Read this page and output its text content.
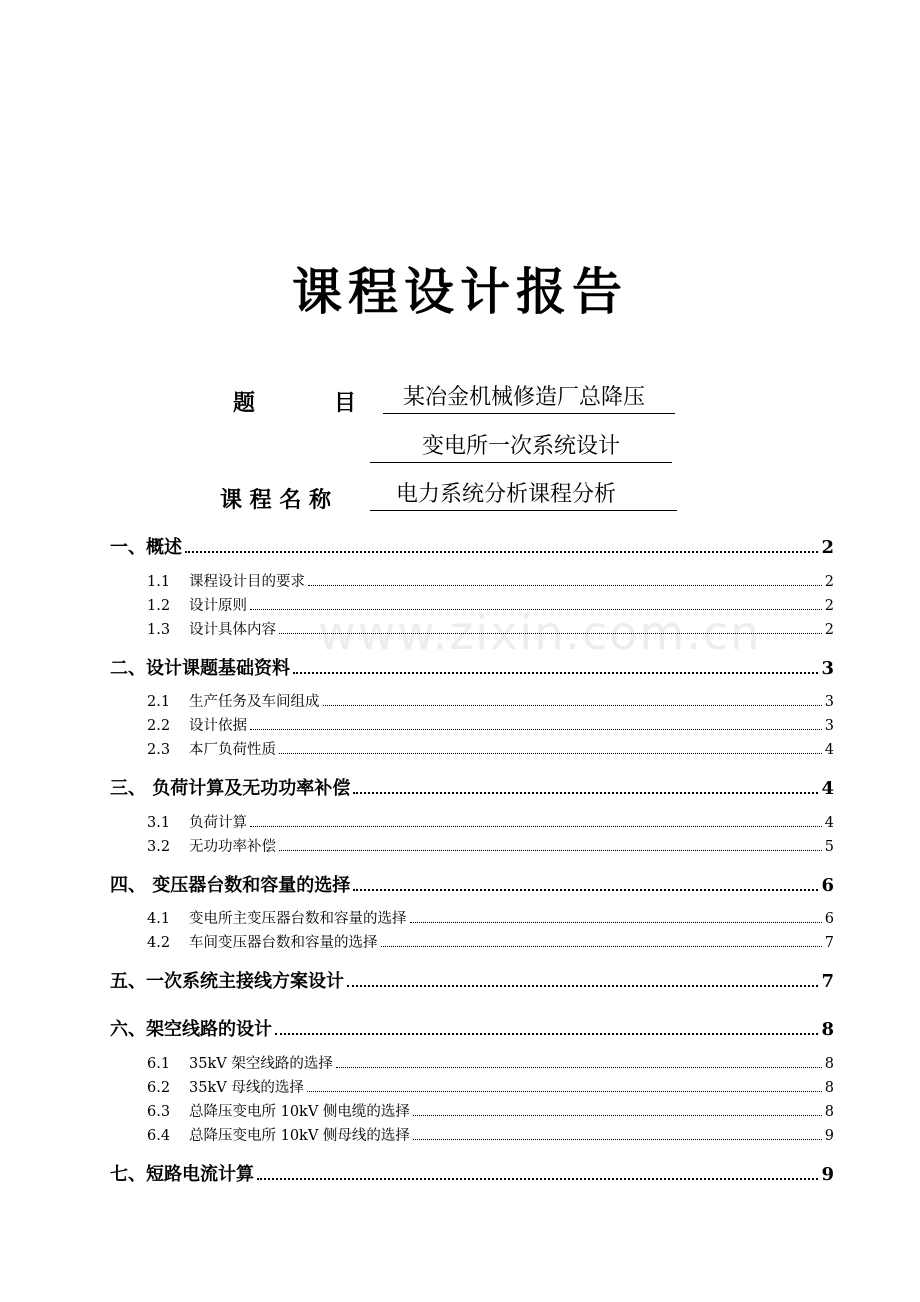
课程设计报告
题	目	某冶金机械修造厂总降压
变电所一次系统设计
课 程 名 称	电力系统分析课程分析
www.zixin.com.cn
一、概述	2
1.1	课程设计目的要求	2
1.2	设计原则	2
1.3	设计具体内容	2
二、设计课题基础资料	3
2.1	生产任务及车间组成	3
2.2	设计依据	3
2.3	本厂负荷性质	4
三、 负荷计算及无功功率补偿	4
3.1	负荷计算	4
3.2	无功功率补偿	5
四、 变压器台数和容量的选择	6
4.1	变电所主变压器台数和容量的选择	6
4.2	车间变压器台数和容量的选择	7
五、一次系统主接线方案设计	7
六、架空线路的设计	8
6.1	35kV 架空线路的选择	8
6.2	35kV 母线的选择	8
6.3	总降压变电所 10kV 侧电缆的选择	8
6.4	总降压变电所 10kV 侧母线的选择	9
七、短路电流计算	9
